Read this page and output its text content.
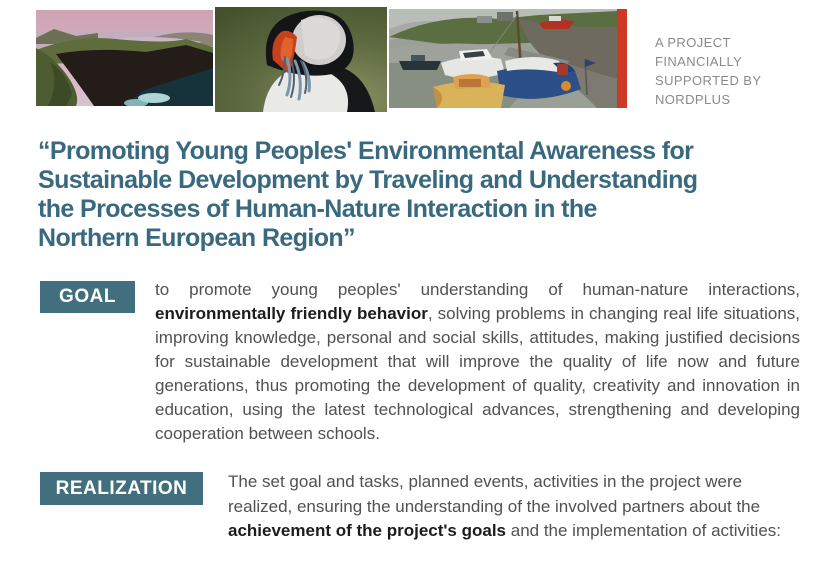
A PROJECT
FINANCIALLY
SUPPORTED BY
NORDPLUS
“Promoting Young Peoples' Environmental Awareness for
Sustainable Development by Traveling and Understanding
the Processes of Human-Nature Interaction in the
Northern European Region”
GOAL	to promote young peoples' understanding of human-nature interactions, environmentally friendly behavior, solving problems in changing real life situations, improving knowledge, personal and social skills, attitudes, making justified decisions for sustainable development that will improve the quality of life now and future generations, thus promoting the development of quality, creativity and innovation in education, using the latest technological advances, strengthening and developing cooperation between schools.

REALIZATION	The set goal and tasks, planned events, activities in the project were realized, ensuring the understanding of the involved partners about the achievement of the project's goals and the implementation of activities:
